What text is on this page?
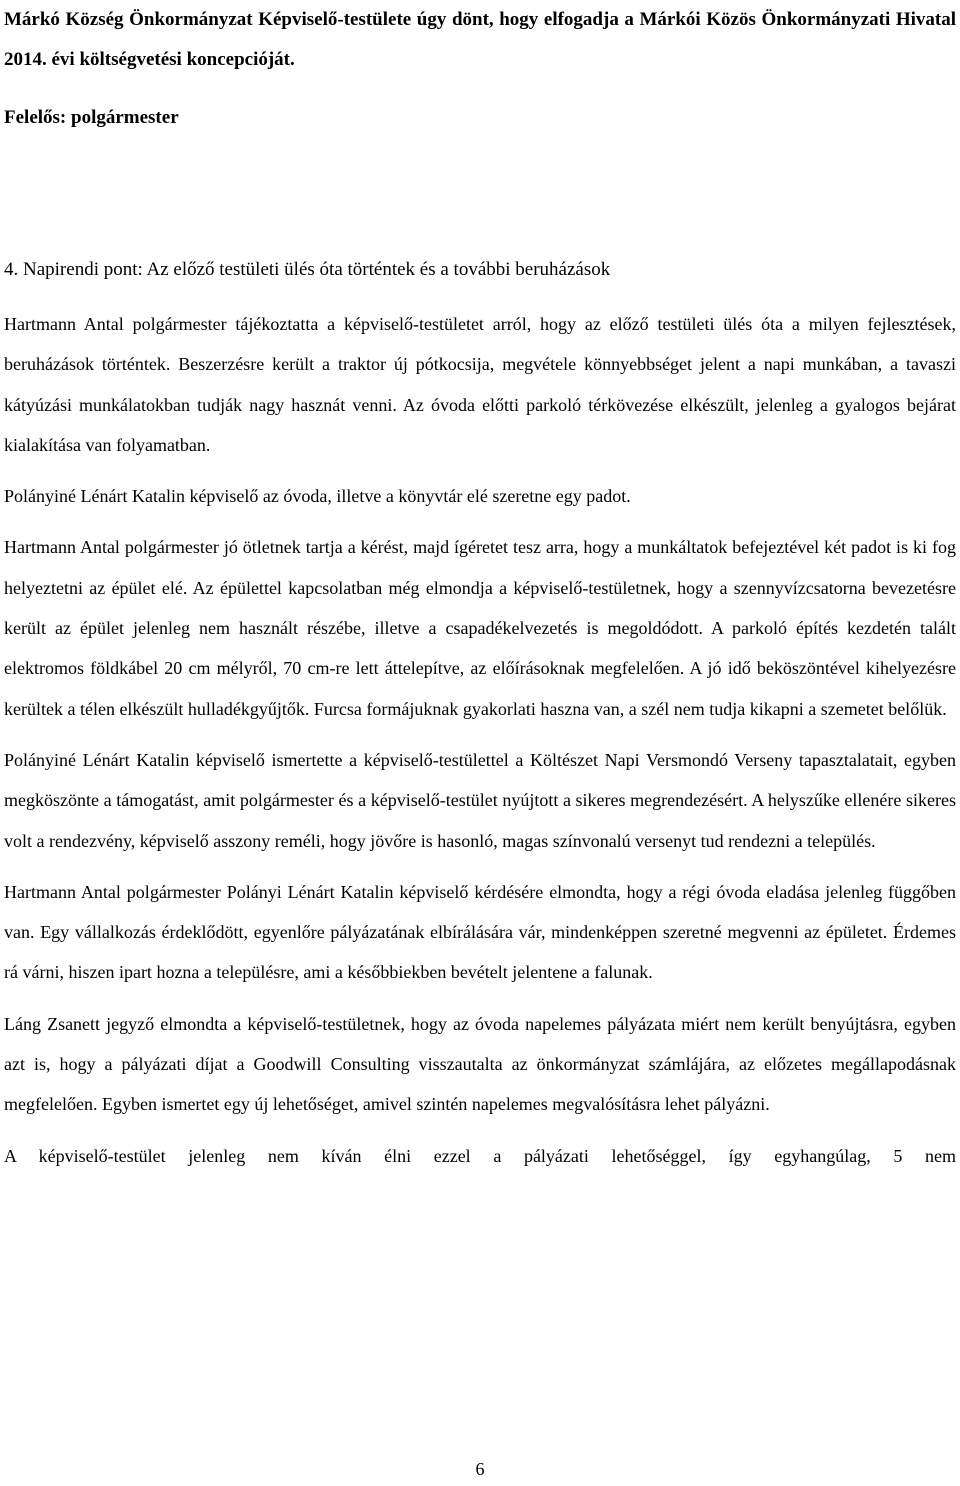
Márkó Község Önkormányzat Képviselő-testülete úgy dönt, hogy elfogadja a Márkói Közös Önkormányzati Hivatal 2014. évi költségvetési koncepcióját.
Felelős: polgármester
4. Napirendi pont: Az előző testületi ülés óta történtek és a további beruházások

Hartmann Antal polgármester tájékoztatta a képviselő-testületet arról, hogy az előző testületi ülés óta a milyen fejlesztések, beruházások történtek. Beszerzésre került a traktor új pótkocsija, megvétele könnyebbséget jelent a napi munkában, a tavaszi kátyúzási munkálatokban tudják nagy hasznát venni. Az óvoda előtti parkoló térkövezése elkészült, jelenleg a gyalogos bejárat kialakítása van folyamatban.

Polányiné Lénárt Katalin képviselő az óvoda, illetve a könyvtár elé szeretne egy padot.

Hartmann Antal polgármester jó ötletnek tartja a kérést, majd ígéretet tesz arra, hogy a munkáltatok befejeztével két padot is ki fog helyeztetni az épület elé. Az épülettel kapcsolatban még elmondja a képviselő-testületnek, hogy a szennyvízcsatorna bevezetésre került az épület jelenleg nem használt részébe, illetve a csapadékelvezetés is megoldódott. A parkoló építés kezdetén talált elektromos földkábel 20 cm mélyről, 70 cm-re lett áttelepítve, az előírásoknak megfelelően. A jó idő beköszöntével kihelyezésre kerültek a télen elkészült hulladékgyűjtők. Furcsa formájuknak gyakorlati haszna van, a szél nem tudja kikapni a szemetet belőlük.

Polányiné Lénárt Katalin képviselő ismertette a képviselő-testülettel a Költészet Napi Versmondó Verseny tapasztalatait, egyben megköszönte a támogatást, amit polgármester és a képviselő-testület nyújtott a sikeres megrendezésért. A helyszűke ellenére sikeres volt a rendezvény, képviselő asszony reméli, hogy jövőre is hasonló, magas színvonalú versenyt tud rendezni a település.

Hartmann Antal polgármester Polányi Lénárt Katalin képviselő kérdésére elmondta, hogy a régi óvoda eladása jelenleg függőben van. Egy vállalkozás érdeklődött, egyenlőre pályázatának elbírálására vár, mindenképpen szeretné megvenni az épületet. Érdemes rá várni, hiszen ipart hozna a településre, ami a későbbiekben bevételt jelentene a falunak.

Láng Zsanett jegyző elmondta a képviselő-testületnek, hogy az óvoda napelemes pályázata miért nem került benyújtásra, egyben azt is, hogy a pályázati díjat a Goodwill Consulting visszautalta az önkormányzat számlájára, az előzetes megállapodásnak megfelelően. Egyben ismertet egy új lehetőséget, amivel szintén napelemes megvalósításra lehet pályázni.

A képviselő-testület jelenleg nem kíván élni ezzel a pályázati lehetőséggel, így egyhangúlag, 5 nem

6
